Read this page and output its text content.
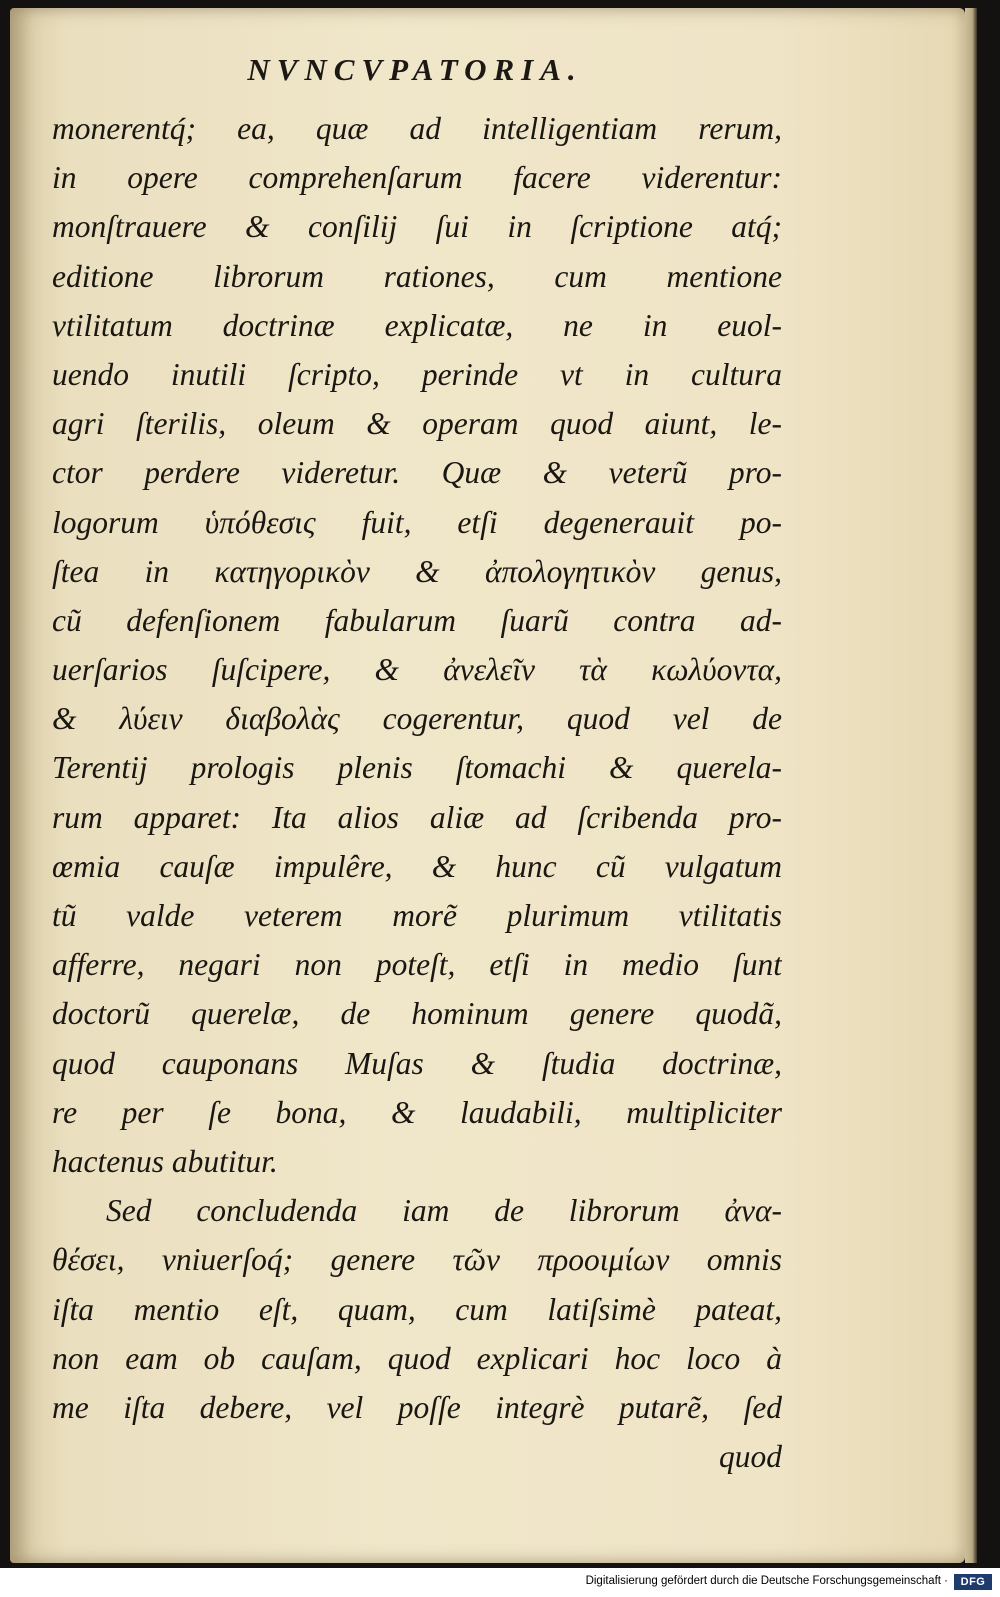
NVNCVPATORIA.
monerentq́; ea, quæ ad intelligentiam rerum,
in opere comprehenſarum facere viderentur:
monſtrauere & conſilij ſui in ſcriptione atq́;
editione librorum rationes, cum mentione
vtilitatum doctrinæ explicatæ, ne in euol-
uendo inutili ſcripto, perinde vt in cultura
agri ſterilis, oleum & operam quod aiunt, le-
ctor perdere videretur. Quæ & veterũ pro-
logorum ὑπόθεσις fuit, etſi degenerauit po-
ſtea in κατηγορικὸν & ἀπολογητικὸν genus,
cũ defenſionem fabularum ſuarũ contra ad-
uerſarios ſuſcipere, & ἀνελεῖν τὰ κωλύοντα,
& λύειν διαβολὰς cogerentur, quod vel de
Terentij prologis plenis ſtomachi & querela-
rum apparet: Ita alios aliæ ad ſcribenda pro-
œmia cauſæ impulêre, & hunc cũ vulgatum
tũ valde veterem morẽ plurimum vtilitatis
afferre, negari non poteſt, etſi in medio ſunt
doctorũ querelæ, de hominum genere quodã,
quod cauponans Muſas & ſtudia doctrinæ,
re per ſe bona, & laudabili, multipliciter
hactenus abutitur.
Sed concludenda iam de librorum ἀνα-
θέσει, vniuerſoq́; genere τῶν προοιμίων omnis
iſta mentio eſt, quam, cum latiſsimè pateat,
non eam ob cauſam, quod explicari hoc loco à
me iſta debere, vel poſſe integrè putarẽ, ſed
quod
Digitalisierung gefördert durch die Deutsche Forschungsgemeinschaft ·	DFG
